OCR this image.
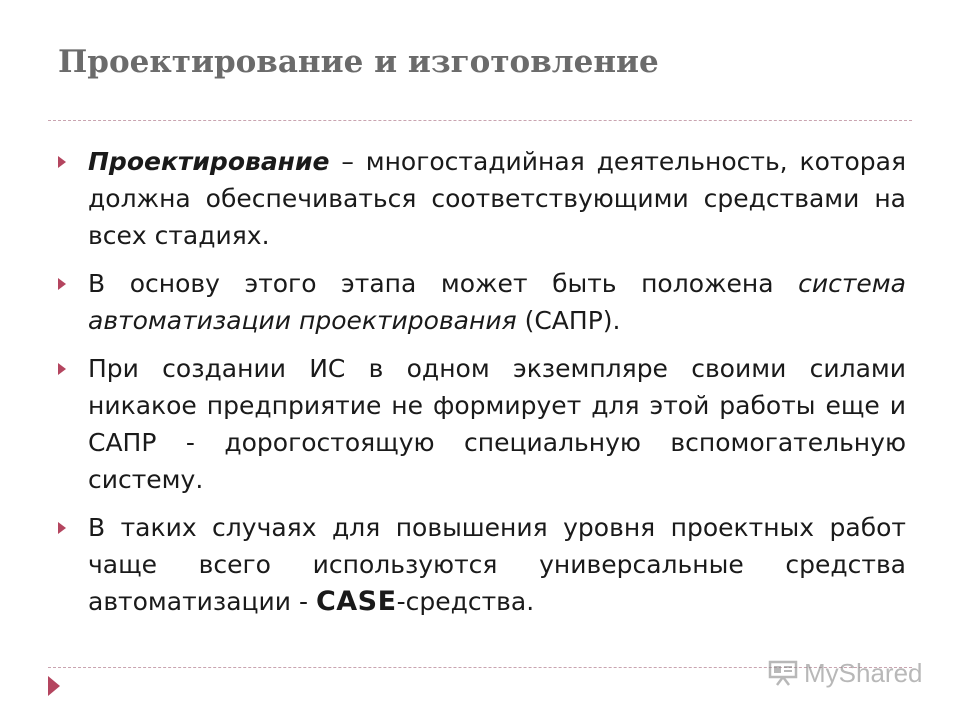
Проектирование и изготовление

Проектирование – многостадийная деятельность, которая должна обеспечиваться соответствующими средствами на всех стадиях.

В основу этого этапа может быть положена система автоматизации проектирования (САПР).

При создании ИС в одном экземпляре своими силами никакое предприятие не формирует для этой работы еще и САПР - дорогостоящую специальную вспомогательную систему.

В таких случаях для повышения уровня проектных работ чаще всего используются универсальные средства автоматизации - CASE-средства.

MyShared
